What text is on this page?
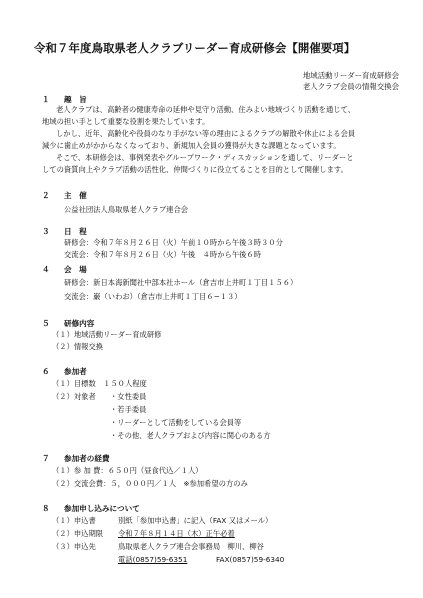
令和７年度鳥取県老人クラブリーダー育成研修会【開催要項】
地域活動リーダー育成研修会
老人クラブ会員の情報交換会
１ 趣　旨

老人クラブは、高齢者の健康寿命の延伸や見守り活動、住みよい地域づくり活動を通じて、

地域の担い手として重要な役割を果たしています。

しかし、近年、高齢化や役員のなり手がない等の理由によるクラブの解散や休止による会員

減少に歯止めがかからなくなっており、新規加入会員の獲得が大きな課題となっています。

そこで、本研修会は、事例発表やグループワーク・ディスカッションを通して、リーダーと

しての資質向上やクラブ活動の活性化、仲間づくりに役立てることを目的として開催します。

２ 主　催
公益社団法人鳥取県老人クラブ連合会
３ 日　程
研修会：令和７年８月２６日（火）午前１０時から午後３時３０分
交流会：令和７年８月２６日（火）午後　４時から午後６時
４ 会　場
研修会：新日本海新聞社中部本社ホール（倉吉市上井町１丁目１５６）
交流会：巌（いわお）（倉吉市上井町１丁目６−１３）
５ 研修内容
（１）地域活動リーダー育成研修
（２）情報交換
６ 参加者
（１）目標数　１５０人程度
（２）対象者 ・女性委員
・若手委員
・リーダーとして活動をしている会員等
・その他、老人クラブおよび内容に関心のある方
７ 参加者の経費
（１）参 加 費：６５０円（昼食代込／１人）
（２）交流会費：５，０００円／１人　※参加希望の方のみ
８ 参加申し込みについて
（１）申込書	別紙「参加申込書」に記入（FAX 又はメール）
（２）申込期限 令和７年８月１４日（木）正午必着
（３）申込先	鳥取県老人クラブ連合会事務局　柳川、柳谷
電話(0857)59-6351	FAX(0857)59-6340
